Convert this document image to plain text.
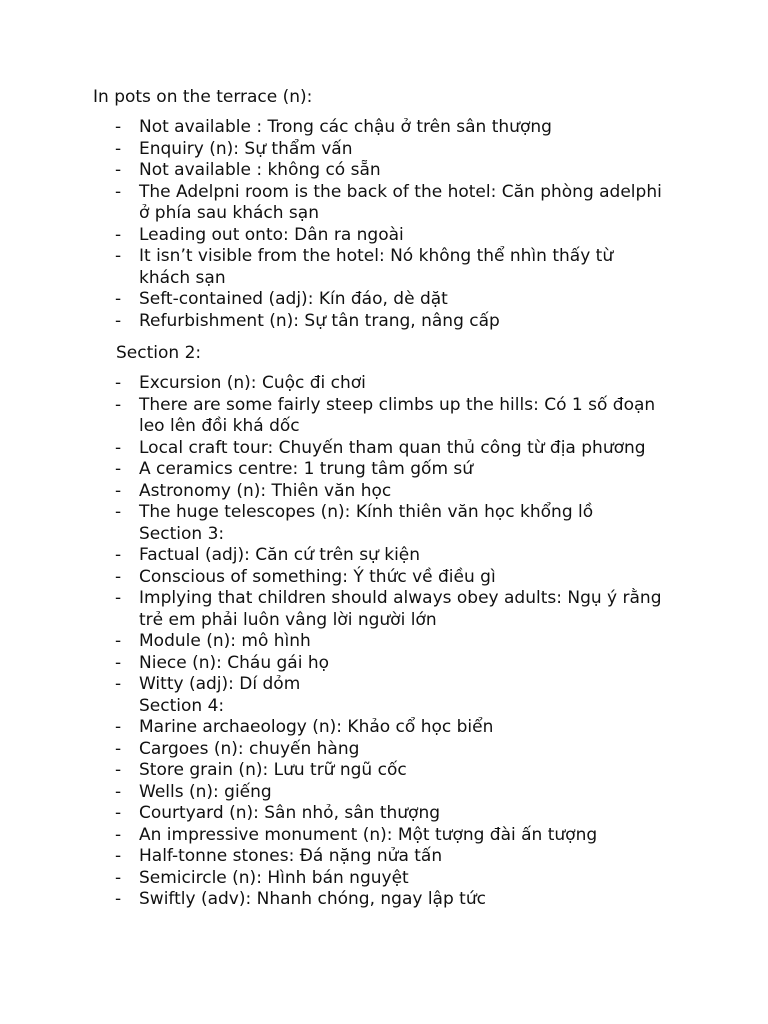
In pots on the terrace (n):
- Not available : Trong các chậu ở trên sân thượng
- Enquiry (n): Sự thẩm vấn
- Not available : không có sẵn
- The Adelpni room is the back of the hotel: Căn phòng adelphi ở phía sau khách sạn
- Leading out onto: Dân ra ngoài
- It isn’t visible from the hotel: Nó không thể nhìn thấy từ khách sạn
- Seft-contained (adj): Kín đáo, dè dặt
- Refurbishment (n): Sự tân trang, nâng cấp
Section 2:
- Excursion (n): Cuộc đi chơi
- There are some fairly steep climbs up the hills: Có 1 số đoạn leo lên đồi khá dốc
- Local craft tour: Chuyến tham quan thủ công từ địa phương
- A ceramics centre: 1 trung tâm gốm sứ
- Astronomy (n): Thiên văn học
- The huge telescopes (n): Kính thiên văn học khổng lồ
Section 3:
- Factual (adj): Căn cứ trên sự kiện
- Conscious of something: Ý thức về điều gì
- Implying that children should always obey adults: Ngụ ý rằng trẻ em phải luôn vâng lời người lớn
- Module (n): mô hình
- Niece (n): Cháu gái họ
- Witty (adj): Dí dỏm
Section 4:
- Marine archaeology (n): Khảo cổ học biển
- Cargoes (n): chuyến hàng
- Store grain (n): Lưu trữ ngũ cốc
- Wells (n): giếng
- Courtyard (n): Sân nhỏ, sân thượng
- An impressive monument (n): Một tượng đài ấn tượng
- Half-tonne stones: Đá nặng nửa tấn
- Semicircle (n): Hình bán nguyệt
- Swiftly (adv): Nhanh chóng, ngay lập tức
